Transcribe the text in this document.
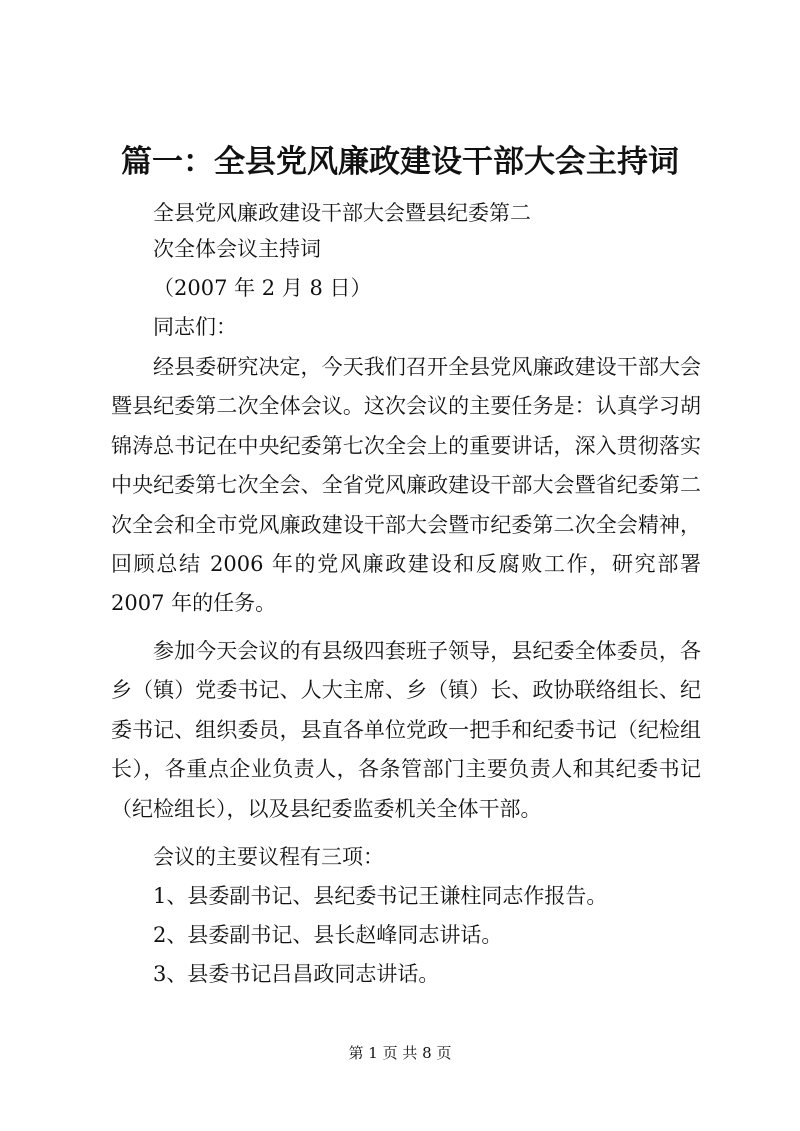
篇一：全县党风廉政建设干部大会主持词
全县党风廉政建设干部大会暨县纪委第二
次全体会议主持词
（2007 年 2 月 8 日）
同志们：

经县委研究决定，今天我们召开全县党风廉政建设干部大会暨县纪委第二次全体会议。这次会议的主要任务是：认真学习胡锦涛总书记在中央纪委第七次全会上的重要讲话，深入贯彻落实中央纪委第七次全会、全省党风廉政建设干部大会暨省纪委第二次全会和全市党风廉政建设干部大会暨市纪委第二次全会精神，回顾总结 2006 年的党风廉政建设和反腐败工作，研究部署 2007 年的任务。

参加今天会议的有县级四套班子领导，县纪委全体委员，各乡（镇）党委书记、人大主席、乡（镇）长、政协联络组长、纪委书记、组织委员，县直各单位党政一把手和纪委书记（纪检组长），各重点企业负责人，各条管部门主要负责人和其纪委书记（纪检组长），以及县纪委监委机关全体干部。

会议的主要议程有三项：
1、县委副书记、县纪委书记王谦柱同志作报告。
2、县委副书记、县长赵峰同志讲话。
3、县委书记吕昌政同志讲话。
第 1 页 共 8 页
